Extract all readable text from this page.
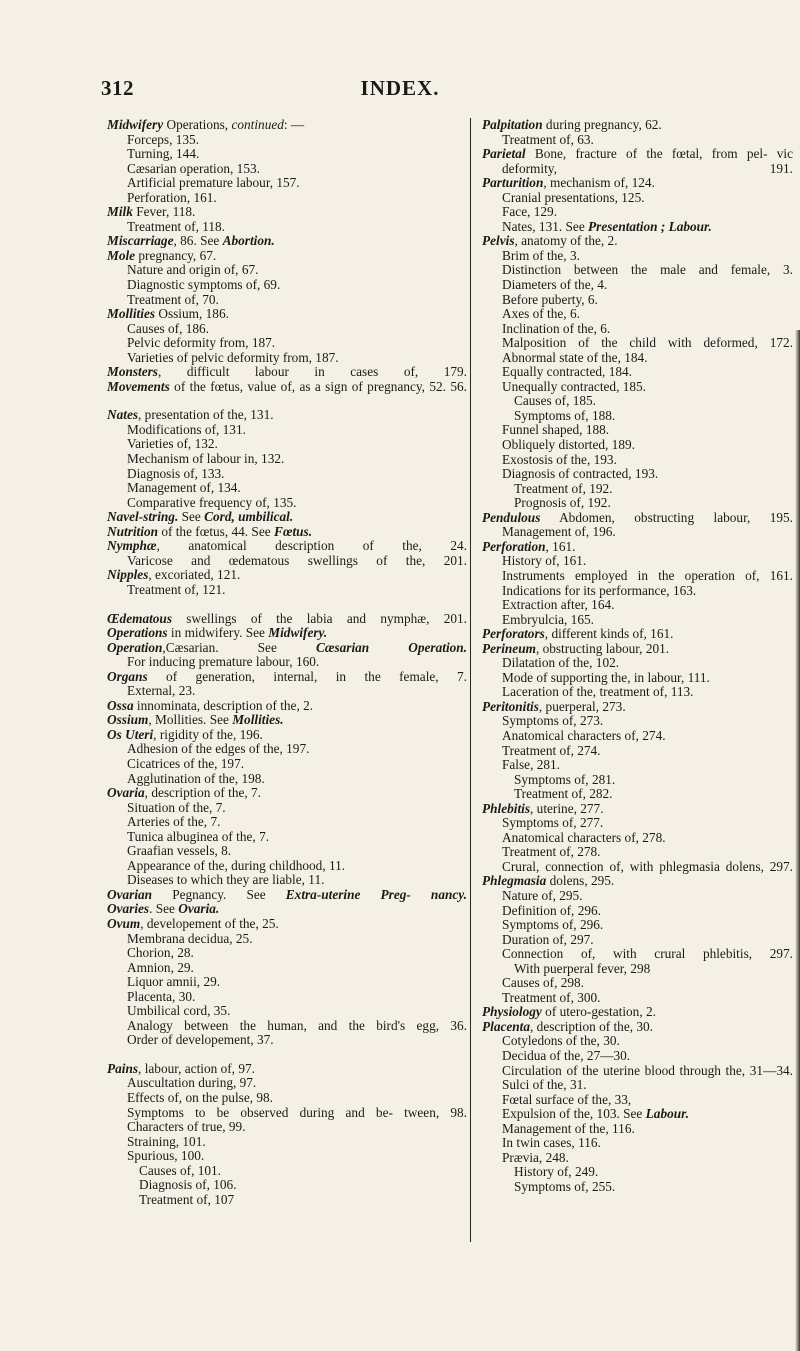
312	INDEX.
Midwifery Operations, continued: —
Forceps, 135.
Turning, 144.
Cæsarian operation, 153.
Artificial premature labour, 157.
Perforation, 161.
Milk Fever, 118.
Treatment of, 118.
Miscarriage, 86. See Abortion.
Mole pregnancy, 67.
Nature and origin of, 67.
Diagnostic symptoms of, 69.
Treatment of, 70.
Mollities Ossium, 186.
Causes of, 186.
Pelvic deformity from, 187.
Varieties of pelvic deformity from, 187.
Monsters, difficult labour in cases of, 179.
Movements of the fœtus, value of, as a sign of pregnancy, 52. 56.
Nates, presentation of the, 131.
Modifications of, 131.
Varieties of, 132.
Mechanism of labour in, 132.
Diagnosis of, 133.
Management of, 134.
Comparative frequency of, 135.
Navel-string. See Cord, umbilical.
Nutrition of the fœtus, 44. See Fœtus.
Nymphæ, anatomical description of the, 24.
Varicose and œdematous swellings of the, 201.
Nipples, excoriated, 121.
Treatment of, 121.
Œdematous swellings of the labia and nymphæ, 201.
Operations in midwifery. See Midwifery.
Operation,Cæsarian. See Cæsarian Operation.
For inducing premature labour, 160.
Organs of generation, internal, in the female, 7.
External, 23.
Ossa innominata, description of the, 2.
Ossium, Mollities. See Mollities.
Os Uteri, rigidity of the, 196.
Adhesion of the edges of the, 197.
Cicatrices of the, 197.
Agglutination of the, 198.
Ovaria, description of the, 7.
Situation of the, 7.
Arteries of the, 7.
Tunica albuginea of the, 7.
Graafian vessels, 8.
Appearance of the, during childhood, 11.
Diseases to which they are liable, 11.
Ovarian Pegnancy. See Extra-uterine Preg- nancy.
Ovaries. See Ovaria.
Ovum, developement of the, 25.
Membrana decidua, 25.
Chorion, 28.
Amnion, 29.
Liquor amnii, 29.
Placenta, 30.
Umbilical cord, 35.
Analogy between the human, and the bird's egg, 36.
Order of developement, 37.
Pains, labour, action of, 97.
Auscultation during, 97.
Effects of, on the pulse, 98.
Symptoms to be observed during and be- tween, 98.
Characters of true, 99.
Straining, 101.
Spurious, 100.
Causes of, 101.
Diagnosis of, 106.
Treatment of, 107
Palpitation during pregnancy, 62.
Treatment of, 63.
Parietal Bone, fracture of the fœtal, from pel- vic deformity, 191.
Parturition, mechanism of, 124.
Cranial presentations, 125.
Face, 129.
Nates, 131. See Presentation ; Labour.
Pelvis, anatomy of the, 2.
Brim of the, 3.
Distinction between the male and female, 3.
Diameters of the, 4.
Before puberty, 6.
Axes of the, 6.
Inclination of the, 6.
Malposition of the child with deformed, 172.
Abnormal state of the, 184.
Equally contracted, 184.
Unequally contracted, 185.
Causes of, 185.
Symptoms of, 188.
Funnel shaped, 188.
Obliquely distorted, 189.
Exostosis of the, 193.
Diagnosis of contracted, 193.
Treatment of, 192.
Prognosis of, 192.
Pendulous Abdomen, obstructing labour, 195.
Management of, 196.
Perforation, 161.
History of, 161.
Instruments employed in the operation of, 161.
Indications for its performance, 163.
Extraction after, 164.
Embryulcia, 165.
Perforators, different kinds of, 161.
Perineum, obstructing labour, 201.
Dilatation of the, 102.
Mode of supporting the, in labour, 111.
Laceration of the, treatment of, 113.
Peritonitis, puerperal, 273.
Symptoms of, 273.
Anatomical characters of, 274.
Treatment of, 274.
False, 281.
Symptoms of, 281.
Treatment of, 282.
Phlebitis, uterine, 277.
Symptoms of, 277.
Anatomical characters of, 278.
Treatment of, 278.
Crural, connection of, with phlegmasia dolens, 297.
Phlegmasia dolens, 295.
Nature of, 295.
Definition of, 296.
Symptoms of, 296.
Duration of, 297.
Connection of, with crural phlebitis, 297.
With puerperal fever, 298
Causes of, 298.
Treatment of, 300.
Physiology of utero-gestation, 2.
Placenta, description of the, 30.
Cotyledons of the, 30.
Decidua of the, 27—30.
Circulation of the uterine blood through the, 31—34.
Sulci of the, 31.
Fœtal surface of the, 33,
Expulsion of the, 103. See Labour.
Management of the, 116.
In twin cases, 116.
Prævia, 248.
History of, 249.
Symptoms of, 255.
